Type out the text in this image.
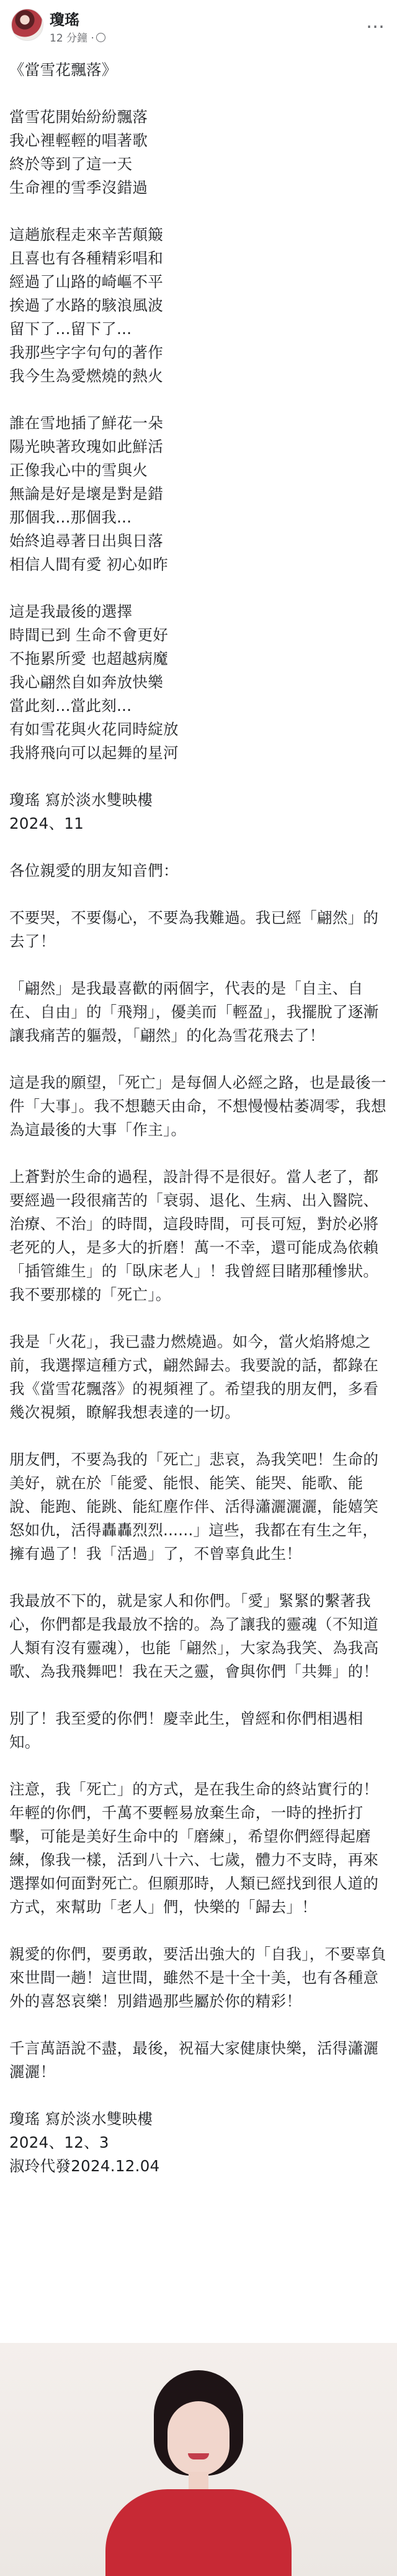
瓊瑤
12 分鐘 ·
…
《當雪花飄落》
當雪花開始紛紛飄落
我心裡輕輕的唱著歌
終於等到了這一天
生命裡的雪季沒錯過
這趟旅程走來辛苦顛簸
且喜也有各種精彩唱和
經過了山路的崎嶇不平
挨過了水路的駭浪風波
留下了...留下了...
我那些字字句句的著作
我今生為愛燃燒的熱火
誰在雪地插了鮮花一朵
陽光映著玫瑰如此鮮活
正像我心中的雪與火
無論是好是壞是對是錯
那個我...那個我...
始終追尋著日出與日落
相信人間有愛 初心如昨
這是我最後的選擇
時間已到 生命不會更好
不拖累所愛 也超越病魔
我心翩然自如奔放快樂
當此刻...當此刻...
有如雪花與火花同時綻放
我將飛向可以起舞的星河
瓊瑤 寫於淡水雙映樓
2024、11
各位親愛的朋友知音們：
不要哭，不要傷心，不要為我難過。我已經「翩然」的去了！
「翩然」是我最喜歡的兩個字，代表的是「自主、自在、自由」的「飛翔」，優美而「輕盈」，我擺脫了逐漸讓我痛苦的軀殼，「翩然」的化為雪花飛去了！
這是我的願望，「死亡」是每個人必經之路，也是最後一件「大事」。我不想聽天由命，不想慢慢枯萎凋零，我想為這最後的大事「作主」。
上蒼對於生命的過程，設計得不是很好。當人老了，都要經過一段很痛苦的「衰弱、退化、生病、出入醫院、治療、不治」的時間，這段時間，可長可短，對於必將老死的人，是多大的折磨！萬一不幸，還可能成為依賴「插管維生」的「臥床老人」！我曾經目睹那種慘狀。我不要那樣的「死亡」。
我是「火花」，我已盡力燃燒過。如今，當火焰將熄之前，我選擇這種方式，翩然歸去。我要說的話，都錄在我《當雪花飄落》的視頻裡了。希望我的朋友們，多看幾次視頻，瞭解我想表達的一切。
朋友們，不要為我的「死亡」悲哀，為我笑吧！生命的美好，就在於「能愛、能恨、能笑、能哭、能歌、能說、能跑、能跳、能紅塵作伴、活得瀟灑灑灑，能嬉笑怒如仇，活得轟轟烈烈......」這些，我都在有生之年，擁有過了！我「活過」了，不曾辜負此生！
我最放不下的，就是家人和你們。「愛」緊緊的繫著我心，你們都是我最放不捨的。為了讓我的靈魂（不知道人類有沒有靈魂），也能「翩然」，大家為我笑、為我高歌、為我飛舞吧！我在天之靈，會與你們「共舞」的！
別了！我至愛的你們！慶幸此生，曾經和你們相遇相知。
注意，我「死亡」的方式，是在我生命的終站實行的！年輕的你們，千萬不要輕易放棄生命，一時的挫折打擊，可能是美好生命中的「磨練」，希望你們經得起磨練，像我一樣，活到八十六、七歲，體力不支時，再來選擇如何面對死亡。但願那時，人類已經找到很人道的方式，來幫助「老人」們，快樂的「歸去」！
親愛的你們，要勇敢，要活出強大的「自我」，不要辜負來世間一趟！這世間，雖然不是十全十美，也有各種意外的喜怒哀樂！別錯過那些屬於你的精彩！
千言萬語說不盡，最後，祝福大家健康快樂，活得瀟灑灑灑！
瓊瑤 寫於淡水雙映樓
2024、12、3
淑玲代發2024.12.04
